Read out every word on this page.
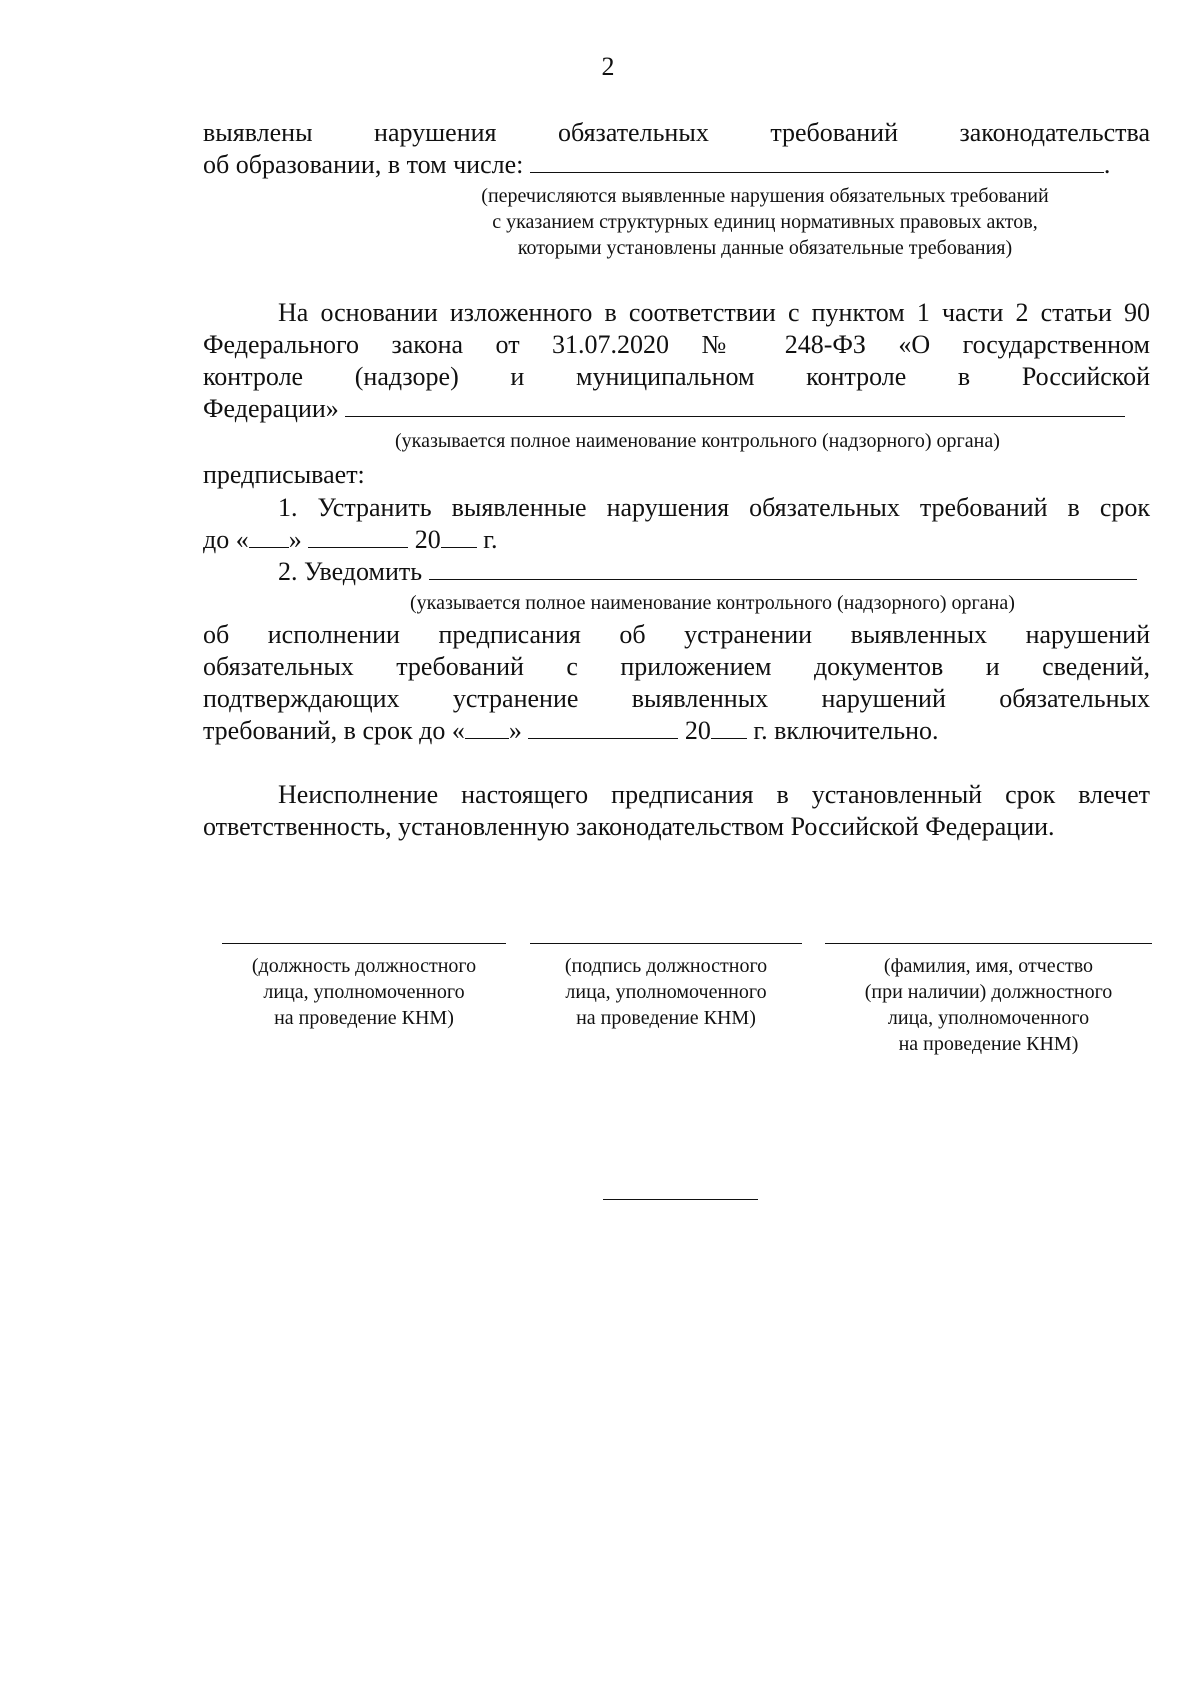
2
выявлены нарушения обязательных требований законодательства
об образовании, в том числе:	.
(перечисляются выявленные нарушения обязательных требований
с указанием структурных единиц нормативных правовых актов,
которыми установлены данные обязательные требования)
На основании изложенного в соответствии с пунктом 1 части 2 статьи 90
Федерального закона от 31.07.2020 № 248-ФЗ «О государственном
контроле (надзоре) и муниципальном контроле в Российской
Федерации»
(указывается полное наименование контрольного (надзорного) органа)
предписывает:
1. Устранить выявленные нарушения обязательных требований в срок
до « »	20 г.
2. Уведомить
(указывается полное наименование контрольного (надзорного) органа)
об исполнении предписания об устранении выявленных нарушений
обязательных требований с приложением документов и сведений,
подтверждающих устранение выявленных нарушений обязательных
требований, в срок до « »	20 г. включительно.
Неисполнение настоящего предписания в установленный срок влечет
ответственность, установленную законодательством Российской Федерации.
(должность должностного
лица, уполномоченного
на проведение КНМ)
(подпись должностного
лица, уполномоченного
на проведение КНМ)
(фамилия, имя, отчество
(при наличии) должностного
лица, уполномоченного
на проведение КНМ)
